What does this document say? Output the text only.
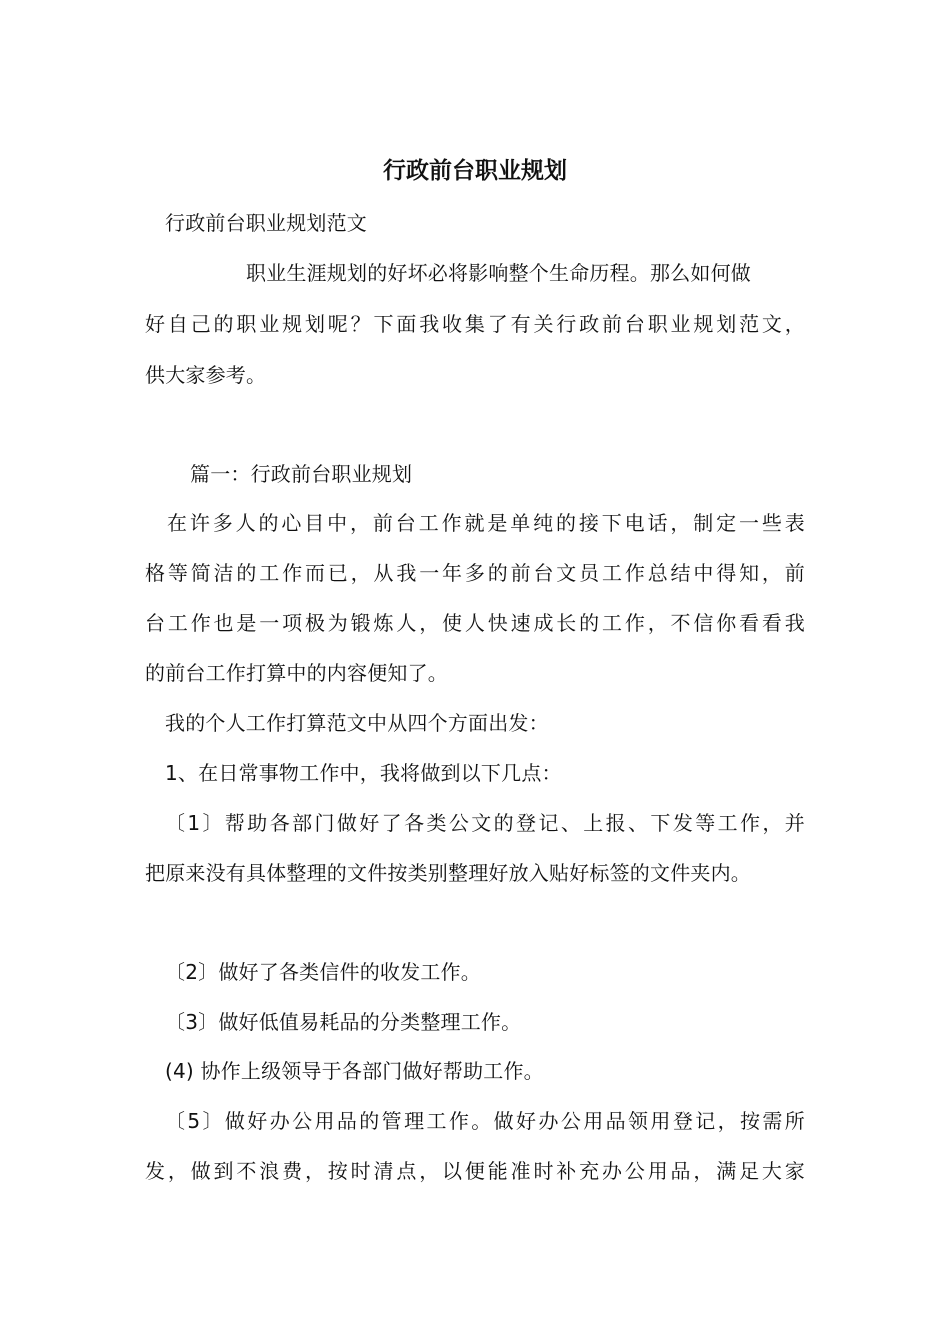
行政前台职业规划
行政前台职业规划范文
职业生涯规划的好坏必将影响整个生命历程。那么如何做
好自己的职业规划呢？下面我收集了有关行政前台职业规划范文，
供大家参考。
篇一：行政前台职业规划
在许多人的心目中，前台工作就是单纯的接下电话，制定一些表
格等简洁的工作而已，从我一年多的前台文员工作总结中得知，前
台工作也是一项极为锻炼人，使人快速成长的工作，不信你看看我
的前台工作打算中的内容便知了。
我的个人工作打算范文中从四个方面出发：
1、在日常事物工作中，我将做到以下几点：
〔1〕帮助各部门做好了各类公文的登记、上报、下发等工作，并
把原来没有具体整理的文件按类别整理好放入贴好标签的文件夹内。
〔2〕做好了各类信件的收发工作。
〔3〕做好低值易耗品的分类整理工作。
(4) 协作上级领导于各部门做好帮助工作。
〔5〕做好办公用品的管理工作。做好办公用品领用登记，按需所
发，做到不浪费，按时清点，以便能准时补充办公用品，满足大家
